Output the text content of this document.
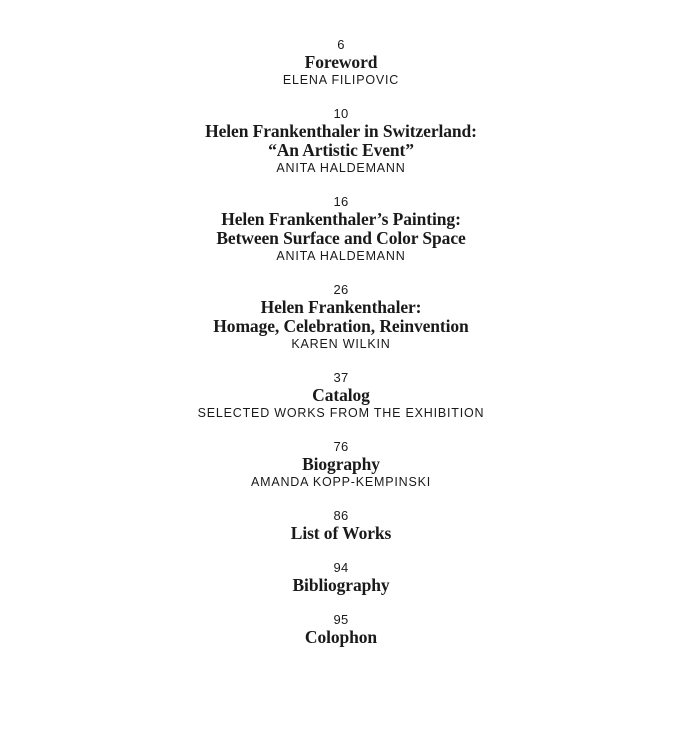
6
Foreword
ELENA FILIPOVIC
10
Helen Frankenthaler in Switzerland:
“An Artistic Event”
ANITA HALDEMANN
16
Helen Frankenthaler’s Painting:
Between Surface and Color Space
ANITA HALDEMANN
26
Helen Frankenthaler:
Homage, Celebration, Reinvention
KAREN WILKIN
37
Catalog
SELECTED WORKS FROM THE EXHIBITION
76
Biography
AMANDA KOPP-KEMPINSKI
86
List of Works
94
Bibliography
95
Colophon
